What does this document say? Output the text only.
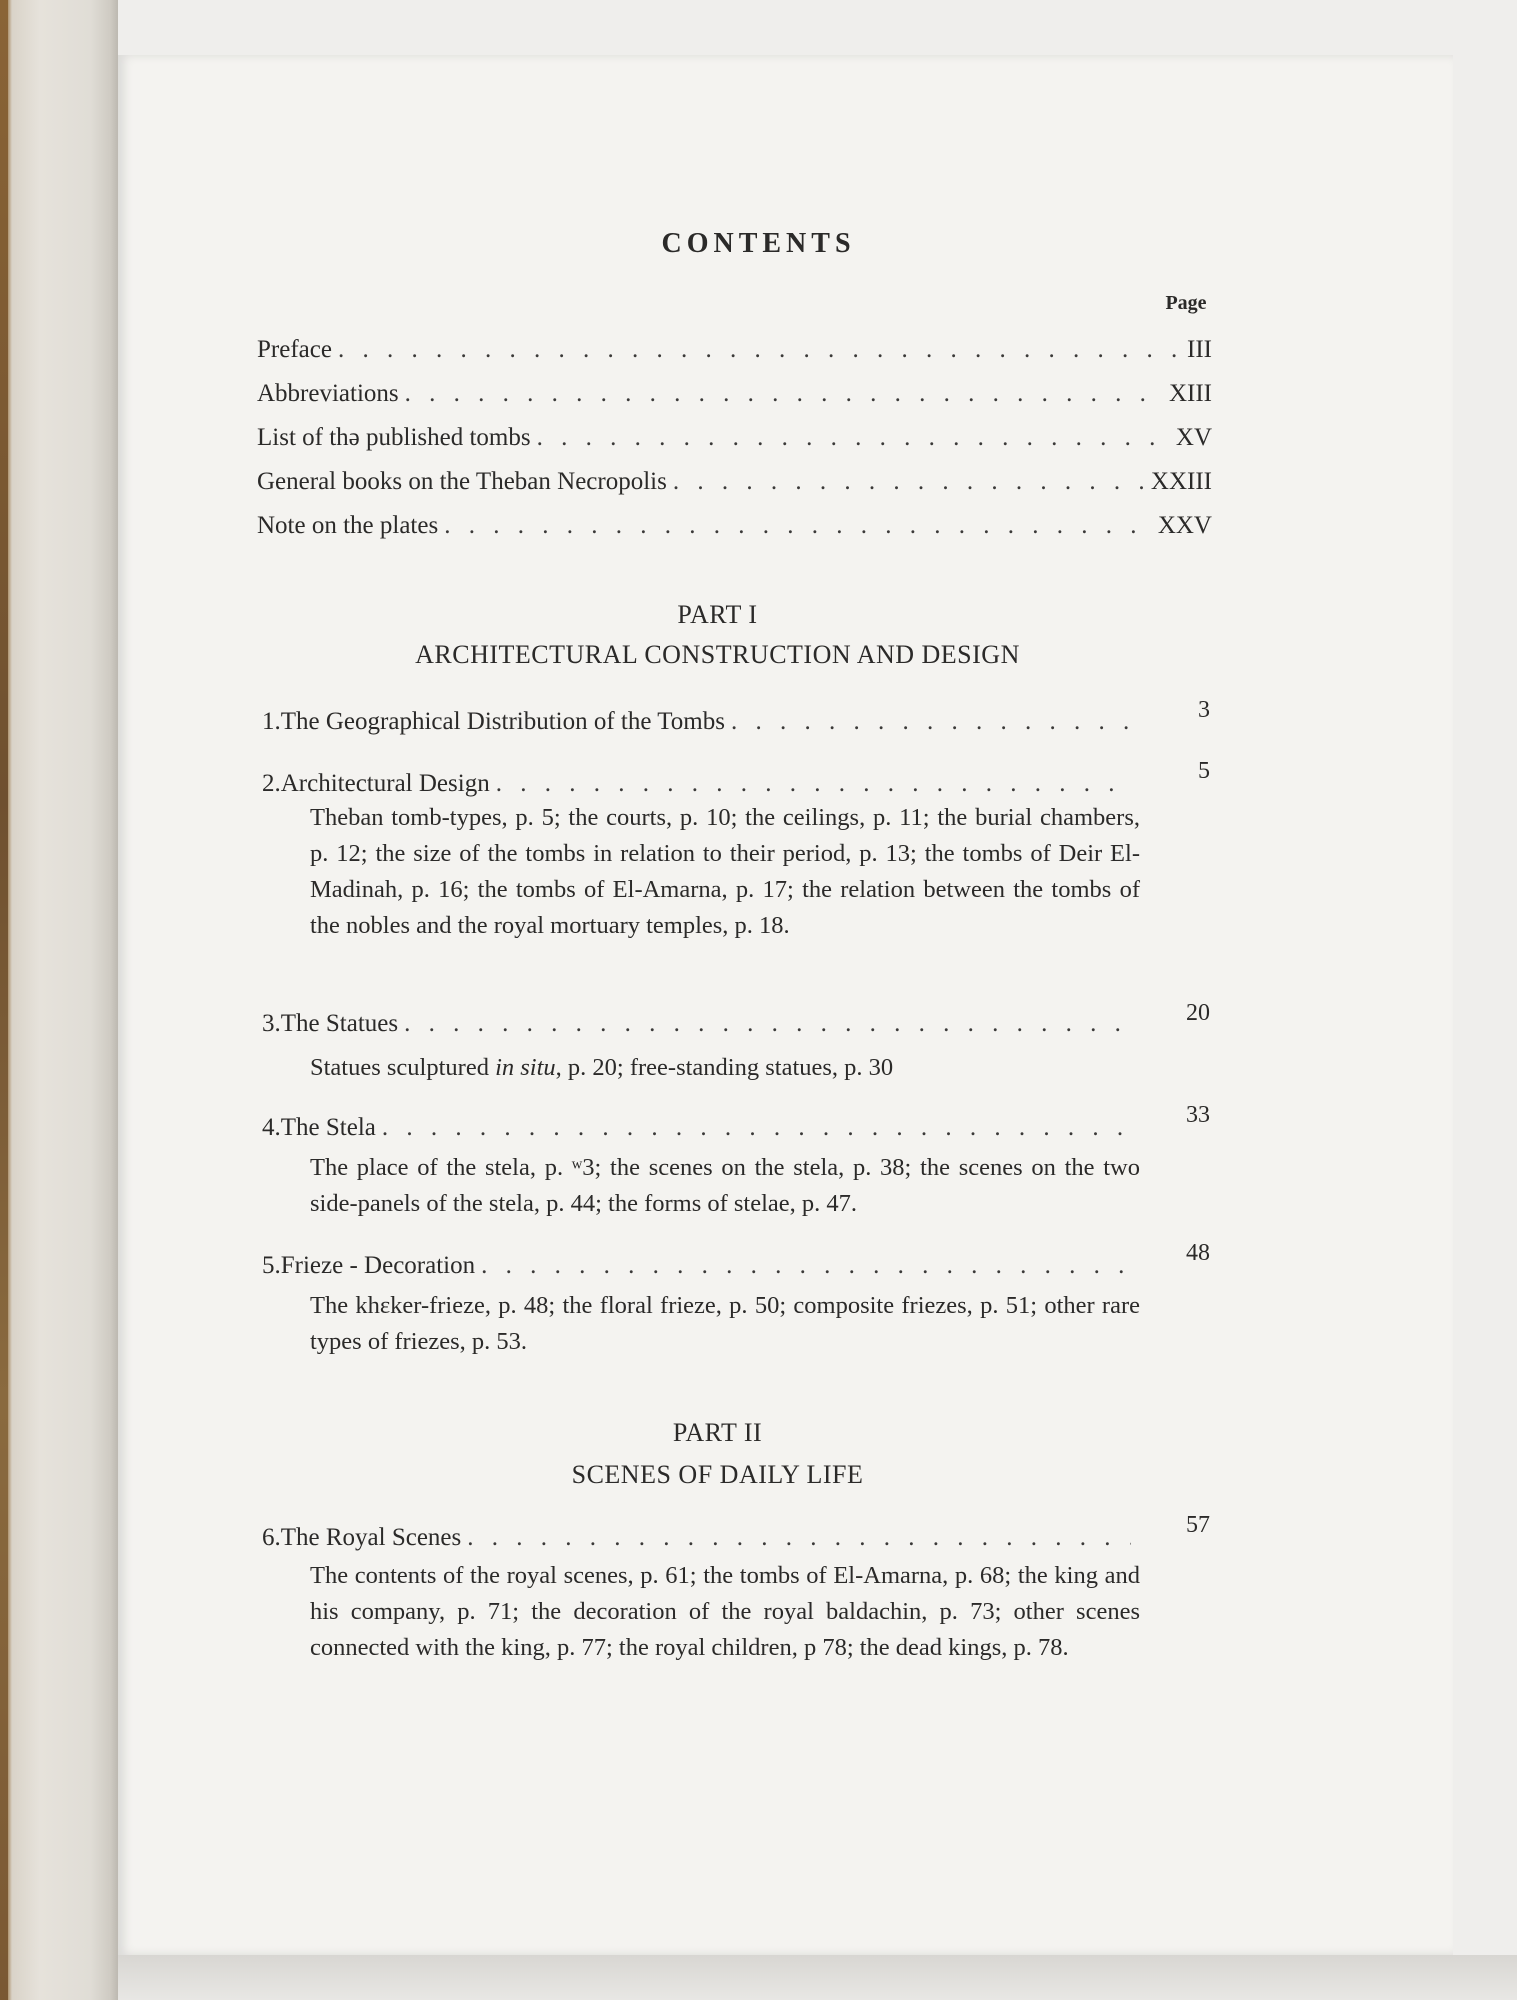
CONTENTS
Page
Preface . . .	III
Abbreviations . . .	XIII
List of thə published tombs . . .	XV
General books on the Theban Necropolis . . .	XXIII
Note on the plates . . .	XXV
PART I
ARCHITECTURAL CONSTRUCTION AND DESIGN
1. The Geographical Distribution of the Tombs . . .	3
2. Architectural Design . . .	5
Theban tomb-types, p. 5; the courts, p. 10; the ceilings, p. 11; the burial chambers, p. 12; the size of the tombs in relation to their period, p. 13; the tombs of Deir El-Madinah, p. 16; the tombs of El-Amarna, p. 17; the relation between the tombs of the nobles and the royal mortuary temples, p. 18.
3. The Statues . . .	20
Statues sculptured in situ, p. 20; free-standing statues, p. 30
4. The Stela . . .	33
The place of the stela, p. ʷ3; the scenes on the stela, p. 38; the scenes on the two side-panels of the stela, p. 44; the forms of stelae, p. 47.
5. Frieze - Decoration . . .	48
The khεker-frieze, p. 48; the floral frieze, p. 50; composite friezes, p. 51; other rare types of friezes, p. 53.
PART II
SCENES OF DAILY LIFE
6. The Royal Scenes . . .	57
The contents of the royal scenes, p. 61; the tombs of El-Amarna, p. 68; the king and his company, p. 71; the decoration of the royal baldachin, p. 73; other scenes connected with the king, p. 77; the royal children, p 78; the dead kings, p. 78.
